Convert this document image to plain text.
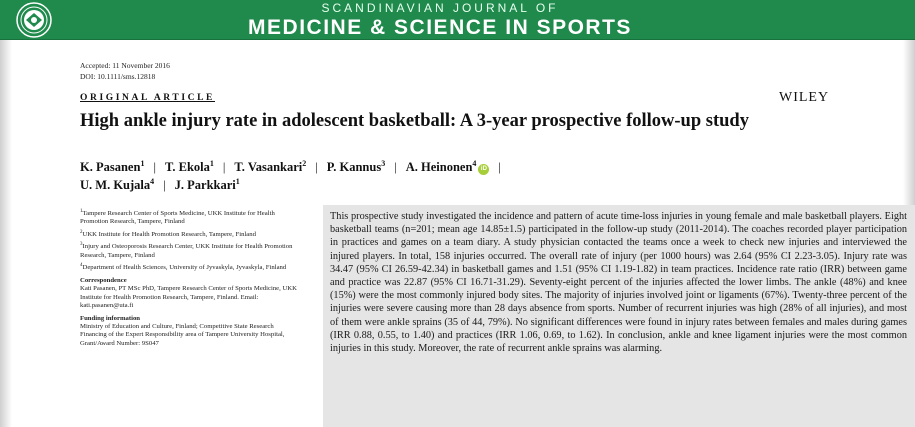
SCANDINAVIAN JOURNAL OF
MEDICINE & SCIENCE IN SPORTS
Accepted: 11 November 2016
DOI: 10.1111/sms.12818
ORIGINAL ARTICLE	WILEY
High ankle injury rate in adolescent basketball: A 3-year prospective follow-up study
K. Pasanen$^1$ | T. Ekola$^1$ | T. Vasankari$^2$ | P. Kannus$^3$ | A. Heinonen$^4$iD |
U. M. Kujala$^4$ | J. Parkkari$^1$
$^1$Tampere Research Center of Sports Medicine, UKK Institute for Health Promotion Research, Tampere, Finland
$^2$UKK Institute for Health Promotion Research, Tampere, Finland
$^3$Injury and Osteoporosis Research Center, UKK Institute for Health Promotion Research, Tampere, Finland
$^4$Department of Health Sciences, University of Jyvaskyla, Jyvaskyla, Finland
Correspondence
Kati Pasanen, PT MSc PhD, Tampere Research Center of Sports Medicine, UKK Institute for Health Promotion Research, Tampere, Finland. Email: kati.pasanen@uta.fi
Funding information
Ministry of Education and Culture, Finland; Competitive State Research Financing of the Expert Responsibility area of Tampere University Hospital, Grant/Award Number: 9S047
This prospective study investigated the incidence and pattern of acute time-loss injuries in young female and male basketball players. Eight basketball teams (n=201; mean age 14.85±1.5) participated in the follow-up study (2011-2014). The coaches recorded player participation in practices and games on a team diary. A study physician contacted the teams once a week to check new injuries and interviewed the injured players. In total, 158 injuries occurred. The overall rate of injury (per 1000 hours) was 2.64 (95% CI 2.23-3.05). Injury rate was 34.47 (95% CI 26.59-42.34) in basketball games and 1.51 (95% CI 1.19-1.82) in team practices. Incidence rate ratio (IRR) between game and practice was 22.87 (95% CI 16.71-31.29). Seventy-eight percent of the injuries affected the lower limbs. The ankle (48%) and knee (15%) were the most commonly injured body sites. The majority of injuries involved joint or ligaments (67%). Twenty-three percent of the injuries were severe causing more than 28 days absence from sports. Number of recurrent injuries was high (28% of all injuries), and most of them were ankle sprains (35 of 44, 79%). No significant differences were found in injury rates between females and males during games (IRR 0.88, 0.55, to 1.40) and practices (IRR 1.06, 0.69, to 1.62). In conclusion, ankle and knee ligament injuries were the most common injuries in this study. Moreover, the rate of recurrent ankle sprains was alarming.
